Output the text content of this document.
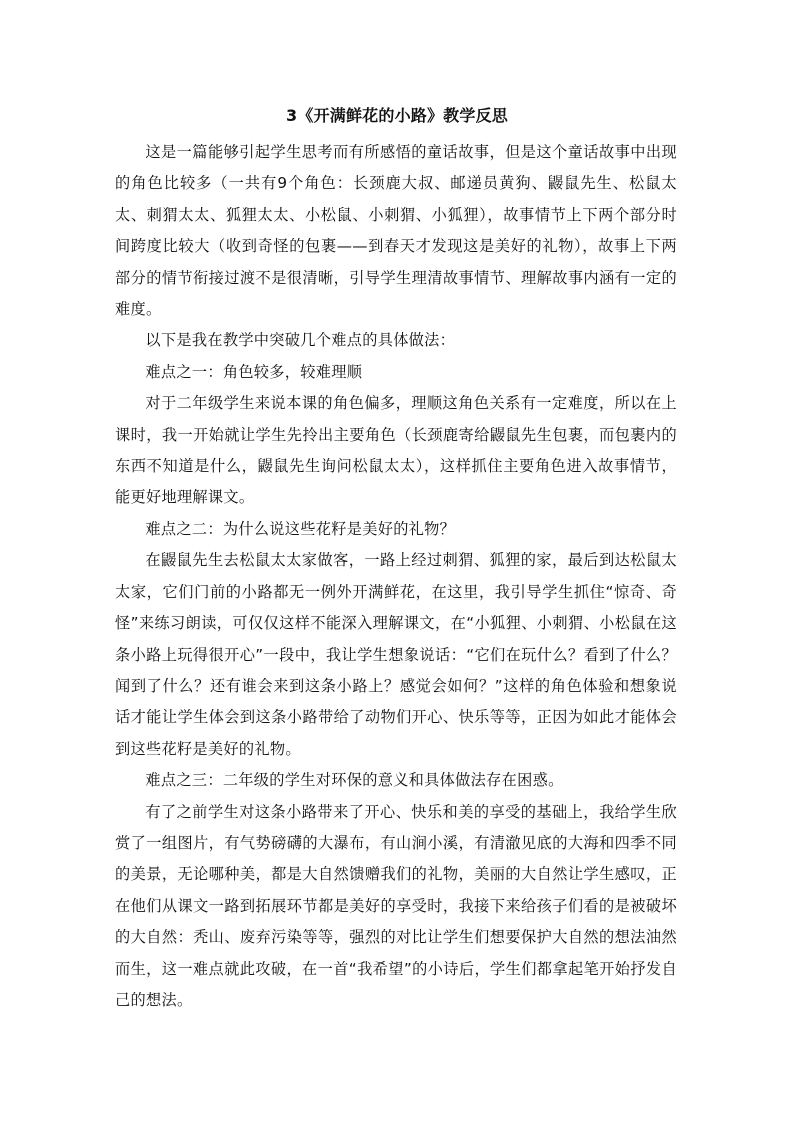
3《开满鲜花的小路》教学反思

这是一篇能够引起学生思考而有所感悟的童话故事，但是这个童话故事中出现的角色比较多（一共有9个角色：长颈鹿大叔、邮递员黄狗、鼹鼠先生、松鼠太太、刺猬太太、狐狸太太、小松鼠、小刺猬、小狐狸），故事情节上下两个部分时间跨度比较大（收到奇怪的包裹——到春天才发现这是美好的礼物），故事上下两部分的情节衔接过渡不是很清晰，引导学生理清故事情节、理解故事内涵有一定的难度。

以下是我在教学中突破几个难点的具体做法：

难点之一：角色较多，较难理顺

对于二年级学生来说本课的角色偏多，理顺这角色关系有一定难度，所以在上课时，我一开始就让学生先拎出主要角色（长颈鹿寄给鼹鼠先生包裹，而包裹内的东西不知道是什么，鼹鼠先生询问松鼠太太），这样抓住主要角色进入故事情节，能更好地理解课文。

难点之二：为什么说这些花籽是美好的礼物？

在鼹鼠先生去松鼠太太家做客，一路上经过刺猬、狐狸的家，最后到达松鼠太太家，它们门前的小路都无一例外开满鲜花，在这里，我引导学生抓住“惊奇、奇怪”来练习朗读，可仅仅这样不能深入理解课文，在“小狐狸、小刺猬、小松鼠在这条小路上玩得很开心”一段中，我让学生想象说话：“它们在玩什么？看到了什么？闻到了什么？还有谁会来到这条小路上？感觉会如何？”这样的角色体验和想象说话才能让学生体会到这条小路带给了动物们开心、快乐等等，正因为如此才能体会到这些花籽是美好的礼物。

难点之三：二年级的学生对环保的意义和具体做法存在困惑。

有了之前学生对这条小路带来了开心、快乐和美的享受的基础上，我给学生欣赏了一组图片，有气势磅礴的大瀑布，有山涧小溪，有清澈见底的大海和四季不同的美景，无论哪种美，都是大自然馈赠我们的礼物，美丽的大自然让学生感叹，正在他们从课文一路到拓展环节都是美好的享受时，我接下来给孩子们看的是被破坏的大自然：秃山、废弃污染等等，强烈的对比让学生们想要保护大自然的想法油然而生，这一难点就此攻破，在一首“我希望”的小诗后，学生们都拿起笔开始抒发自己的想法。
